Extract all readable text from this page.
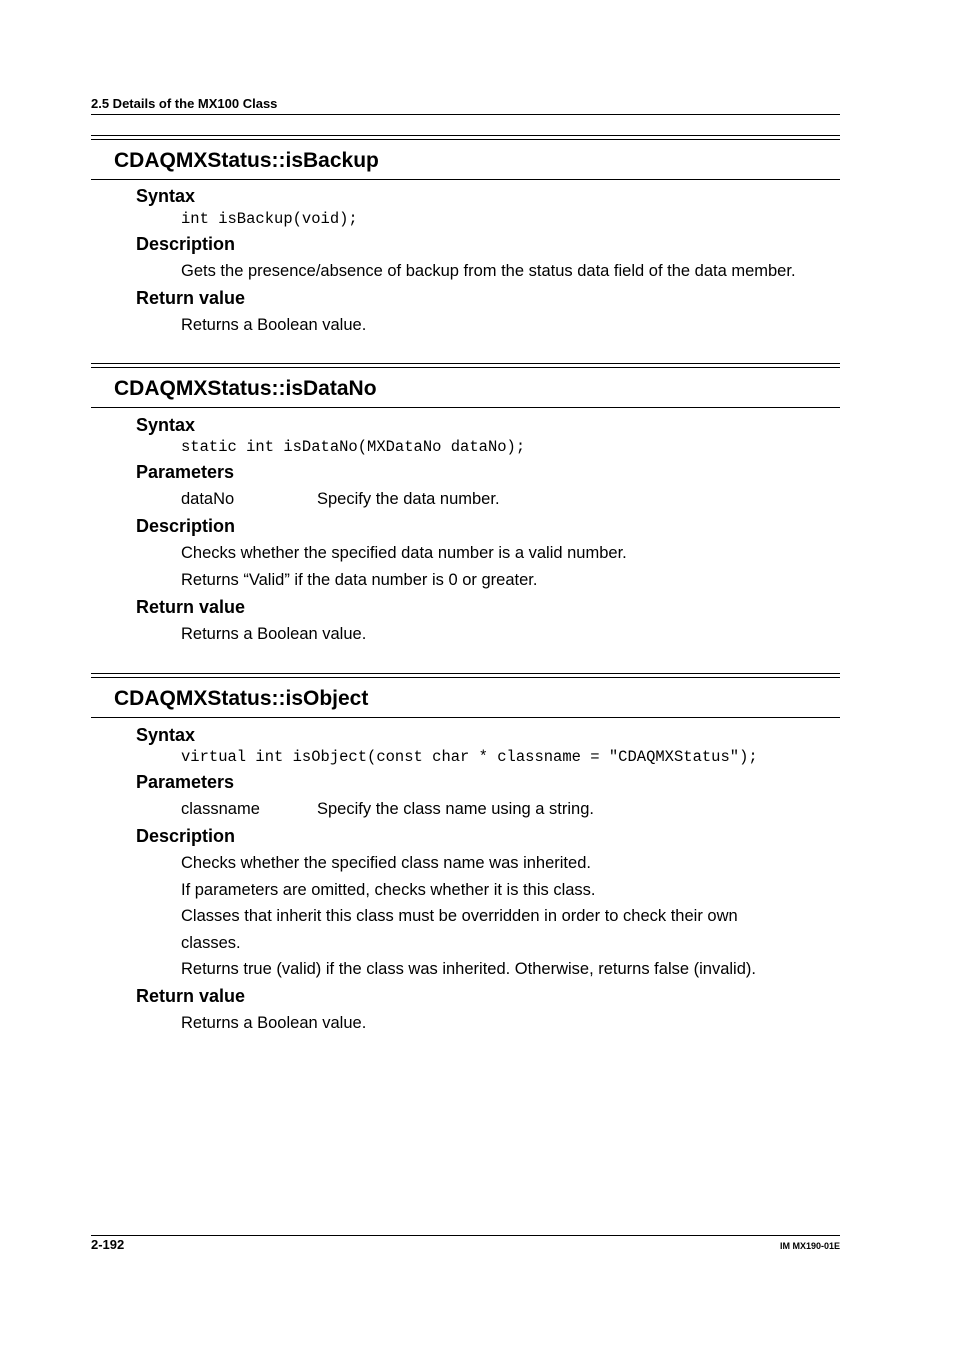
2.5 Details of the MX100 Class
CDAQMXStatus::isBackup
Syntax
int isBackup(void);
Description
Gets the presence/absence of backup from the status data field of the data member.
Return value
Returns a Boolean value.
CDAQMXStatus::isDataNo
Syntax
static int isDataNo(MXDataNo dataNo);
Parameters
dataNo	Specify the data number.
Description
Checks whether the specified data number is a valid number.
Returns “Valid” if the data number is 0 or greater.
Return value
Returns a Boolean value.
CDAQMXStatus::isObject
Syntax
virtual int isObject(const char * classname = "CDAQMXStatus");
Parameters
classname	Specify the class name using a string.
Description
Checks whether the specified class name was inherited.
If parameters are omitted, checks whether it is this class.
Classes that inherit this class must be overridden in order to check their own
classes.
Returns true (valid) if the class was inherited. Otherwise, returns false (invalid).
Return value
Returns a Boolean value.
2-192	IM MX190-01E
